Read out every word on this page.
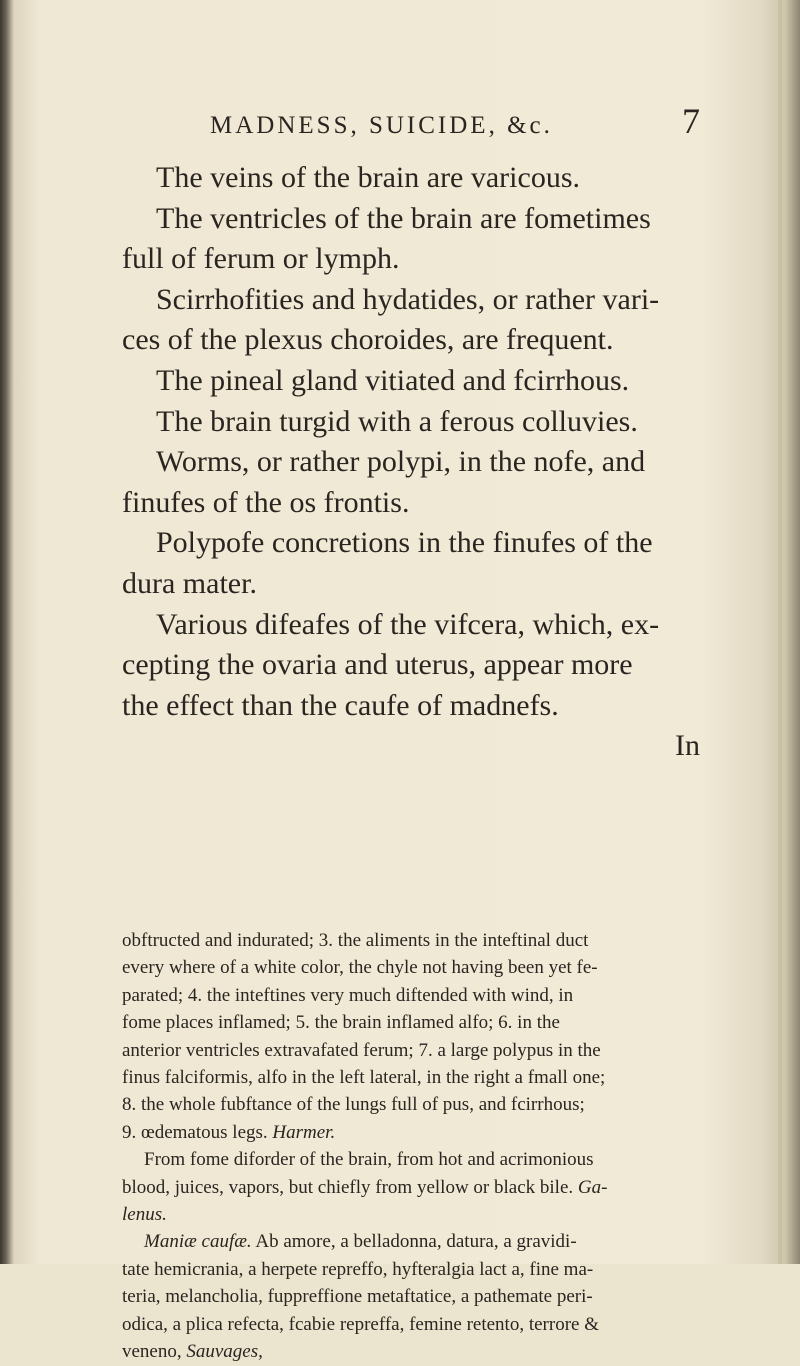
MADNESS, SUICIDE, &c.	7

The veins of the brain are varicous.

The ventricles of the brain are fometimes

full of ferum or lymph.

Scirrhofities and hydatides, or rather vari-

ces of the plexus choroides, are frequent.

The pineal gland vitiated and fcirrhous.

The brain turgid with a ferous colluvies.

Worms, or rather polypi, in the nofe, and

finufes of the os frontis.

Polypofe concretions in the finufes of the

dura mater.

Various difeafes of the vifcera, which, ex-

cepting the ovaria and uterus, appear more

the effect than the caufe of madnefs.

In

obftructed and indurated; 3. the aliments in the inteftinal duct

every where of a white color, the chyle not having been yet fe-

parated; 4. the inteftines very much diftended with wind, in

fome places inflamed; 5. the brain inflamed alfo; 6. in the

anterior ventricles extravafated ferum; 7. a large polypus in the

finus falciformis, alfo in the left lateral, in the right a fmall one;

8. the whole fubftance of the lungs full of pus, and fcirrhous;

9. œdematous legs. Harmer.

From fome diforder of the brain, from hot and acrimonious

blood, juices, vapors, but chiefly from yellow or black bile. Ga-

lenus.

Maniæ caufæ. Ab amore, a belladonna, datura, a gravidi-

tate hemicrania, a herpete repreffo, hyfteralgia lact a, fine ma-

teria, melancholia, fuppreffione metaftatice, a pathemate peri-

odica, a plica refecta, fcabie repreffa, femine retento, terrore &

veneno, Sauvages,
